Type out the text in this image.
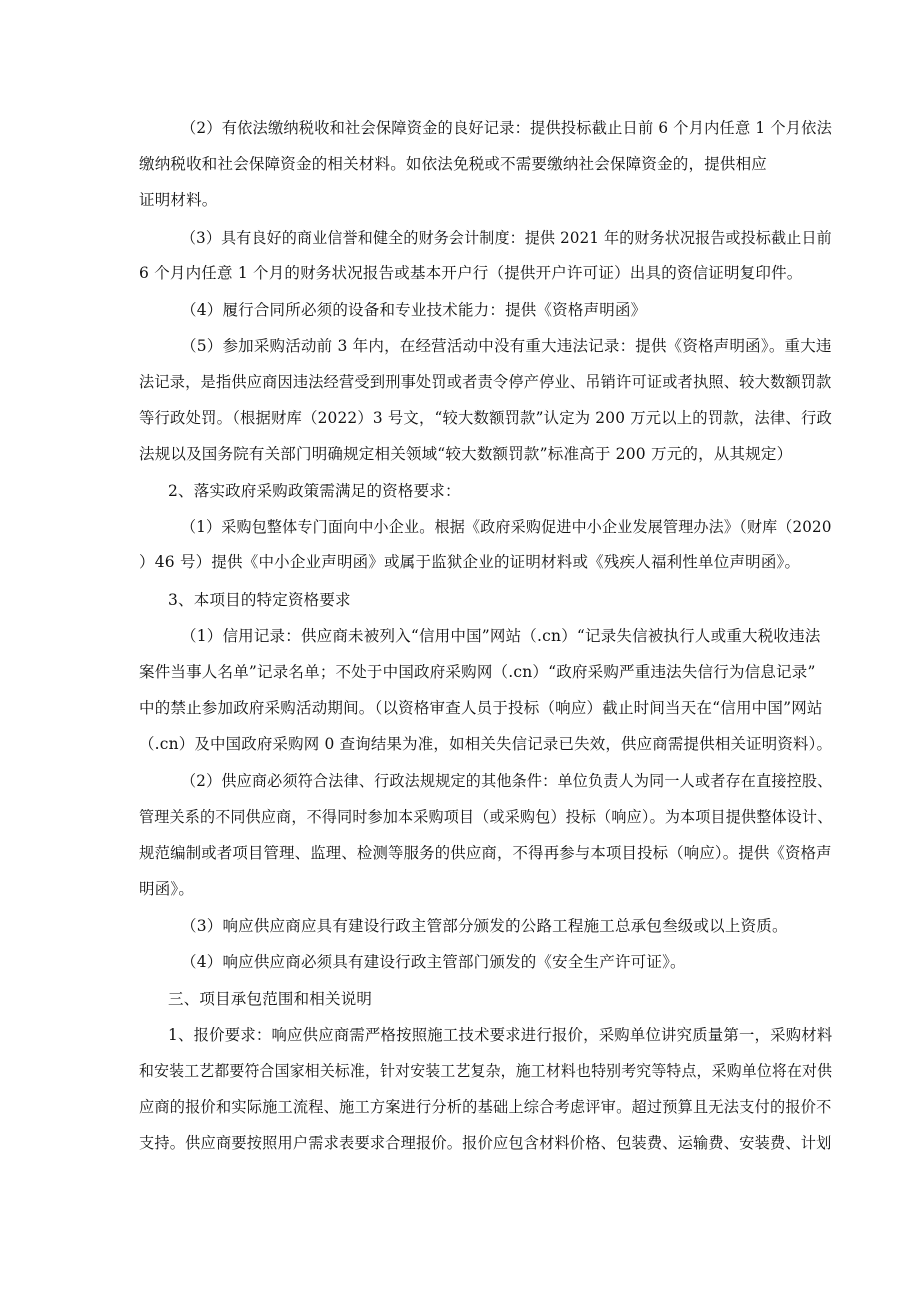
（2）有依法缴纳税收和社会保障资金的良好记录：提供投标截止日前 6 个月内任意 1 个月依法
缴纳税收和社会保障资金的相关材料。如依法免税或不需要缴纳社会保障资金的，提供相应
证明材料。
（3）具有良好的商业信誉和健全的财务会计制度：提供 2021 年的财务状况报告或投标截止日前
6 个月内任意 1 个月的财务状况报告或基本开户行（提供开户许可证）出具的资信证明复印件。
（4）履行合同所必须的设备和专业技术能力：提供《资格声明函》
（5）参加采购活动前 3 年内，在经营活动中没有重大违法记录：提供《资格声明函》。重大违
法记录，是指供应商因违法经营受到刑事处罚或者责令停产停业、吊销许可证或者执照、较大数额罚款
等行政处罚。（根据财库（2022）3 号文，“较大数额罚款”认定为 200 万元以上的罚款，法律、行政
法规以及国务院有关部门明确规定相关领域“较大数额罚款”标准高于 200 万元的，从其规定）
2、落实政府采购政策需满足的资格要求：
（1）采购包整体专门面向中小企业。根据《政府采购促进中小企业发展管理办法》（财库（2020
）46 号）提供《中小企业声明函》或属于监狱企业的证明材料或《残疾人福利性单位声明函》。
3、本项目的特定资格要求
（1）信用记录：供应商未被列入“信用中国”网站（.cn）“记录失信被执行人或重大税收违法
案件当事人名单”记录名单；不处于中国政府采购网（.cn）“政府采购严重违法失信行为信息记录”
中的禁止参加政府采购活动期间。（以资格审查人员于投标（响应）截止时间当天在“信用中国”网站
（.cn）及中国政府采购网 0 查询结果为准，如相关失信记录已失效，供应商需提供相关证明资料）。
（2）供应商必须符合法律、行政法规规定的其他条件：单位负责人为同一人或者存在直接控股、
管理关系的不同供应商，不得同时参加本采购项目（或采购包）投标（响应）。为本项目提供整体设计、
规范编制或者项目管理、监理、检测等服务的供应商，不得再参与本项目投标（响应）。提供《资格声
明函》。
（3）响应供应商应具有建设行政主管部分颁发的公路工程施工总承包叁级或以上资质。
（4）响应供应商必须具有建设行政主管部门颁发的《安全生产许可证》。
三、项目承包范围和相关说明
1、报价要求：响应供应商需严格按照施工技术要求进行报价，采购单位讲究质量第一，采购材料
和安装工艺都要符合国家相关标准，针对安装工艺复杂，施工材料也特别考究等特点，采购单位将在对供
应商的报价和实际施工流程、施工方案进行分析的基础上综合考虑评审。超过预算且无法支付的报价不
支持。供应商要按照用户需求表要求合理报价。报价应包含材料价格、包装费、运输费、安装费、计划
